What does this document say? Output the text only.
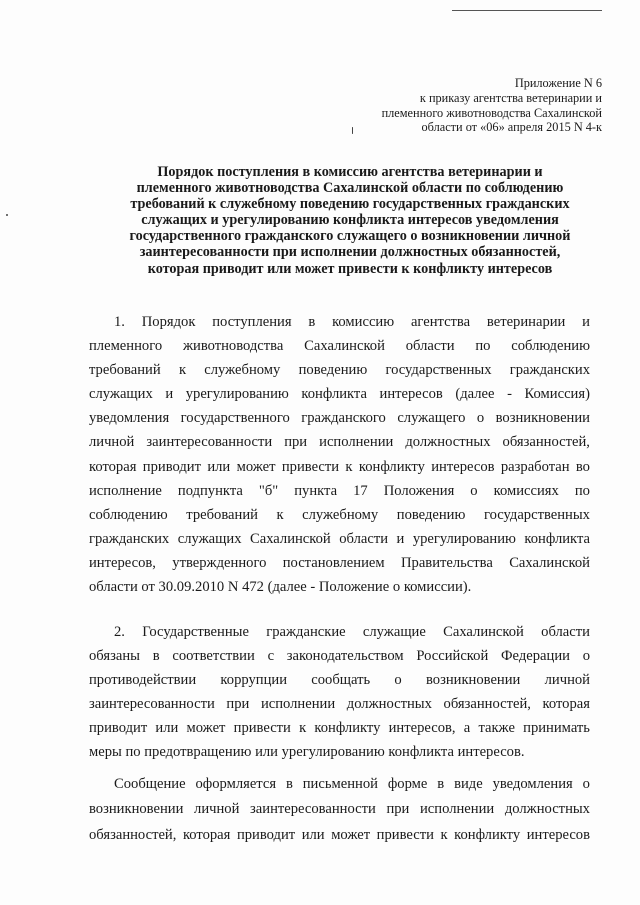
Приложение N 6
к приказу агентства ветеринарии и
племенного животноводства Сахалинской
области от «06» апреля 2015 N 4-к
Порядок поступления в комиссию агентства ветеринарии и
племенного животноводства Сахалинской области по соблюдению
требований к служебному поведению государственных гражданских
служащих и урегулированию конфликта интересов уведомления
государственного гражданского служащего о возникновении личной
заинтересованности при исполнении должностных обязанностей,
которая приводит или может привести к конфликту интересов
1. Порядок поступления в комиссию агентства ветеринарии и
племенного животноводства Сахалинской области по соблюдению
требований к служебному поведению государственных гражданских
служащих и урегулированию конфликта интересов (далее - Комиссия)
уведомления государственного гражданского служащего о возникновении
личной заинтересованности при исполнении должностных обязанностей,
которая приводит или может привести к конфликту интересов разработан во
исполнение подпункта "б" пункта 17 Положения о комиссиях по
соблюдению требований к служебному поведению государственных
гражданских служащих Сахалинской области и урегулированию конфликта
интересов, утвержденного постановлением Правительства Сахалинской
области от 30.09.2010 N 472 (далее - Положение о комиссии).
2. Государственные гражданские служащие Сахалинской области
обязаны в соответствии с законодательством Российской Федерации о
противодействии коррупции сообщать о возникновении личной
заинтересованности при исполнении должностных обязанностей, которая
приводит или может привести к конфликту интересов, а также принимать
меры по предотвращению или урегулированию конфликта интересов.
Сообщение оформляется в письменной форме в виде уведомления о
возникновении личной заинтересованности при исполнении должностных
обязанностей, которая приводит или может привести к конфликту интересов
